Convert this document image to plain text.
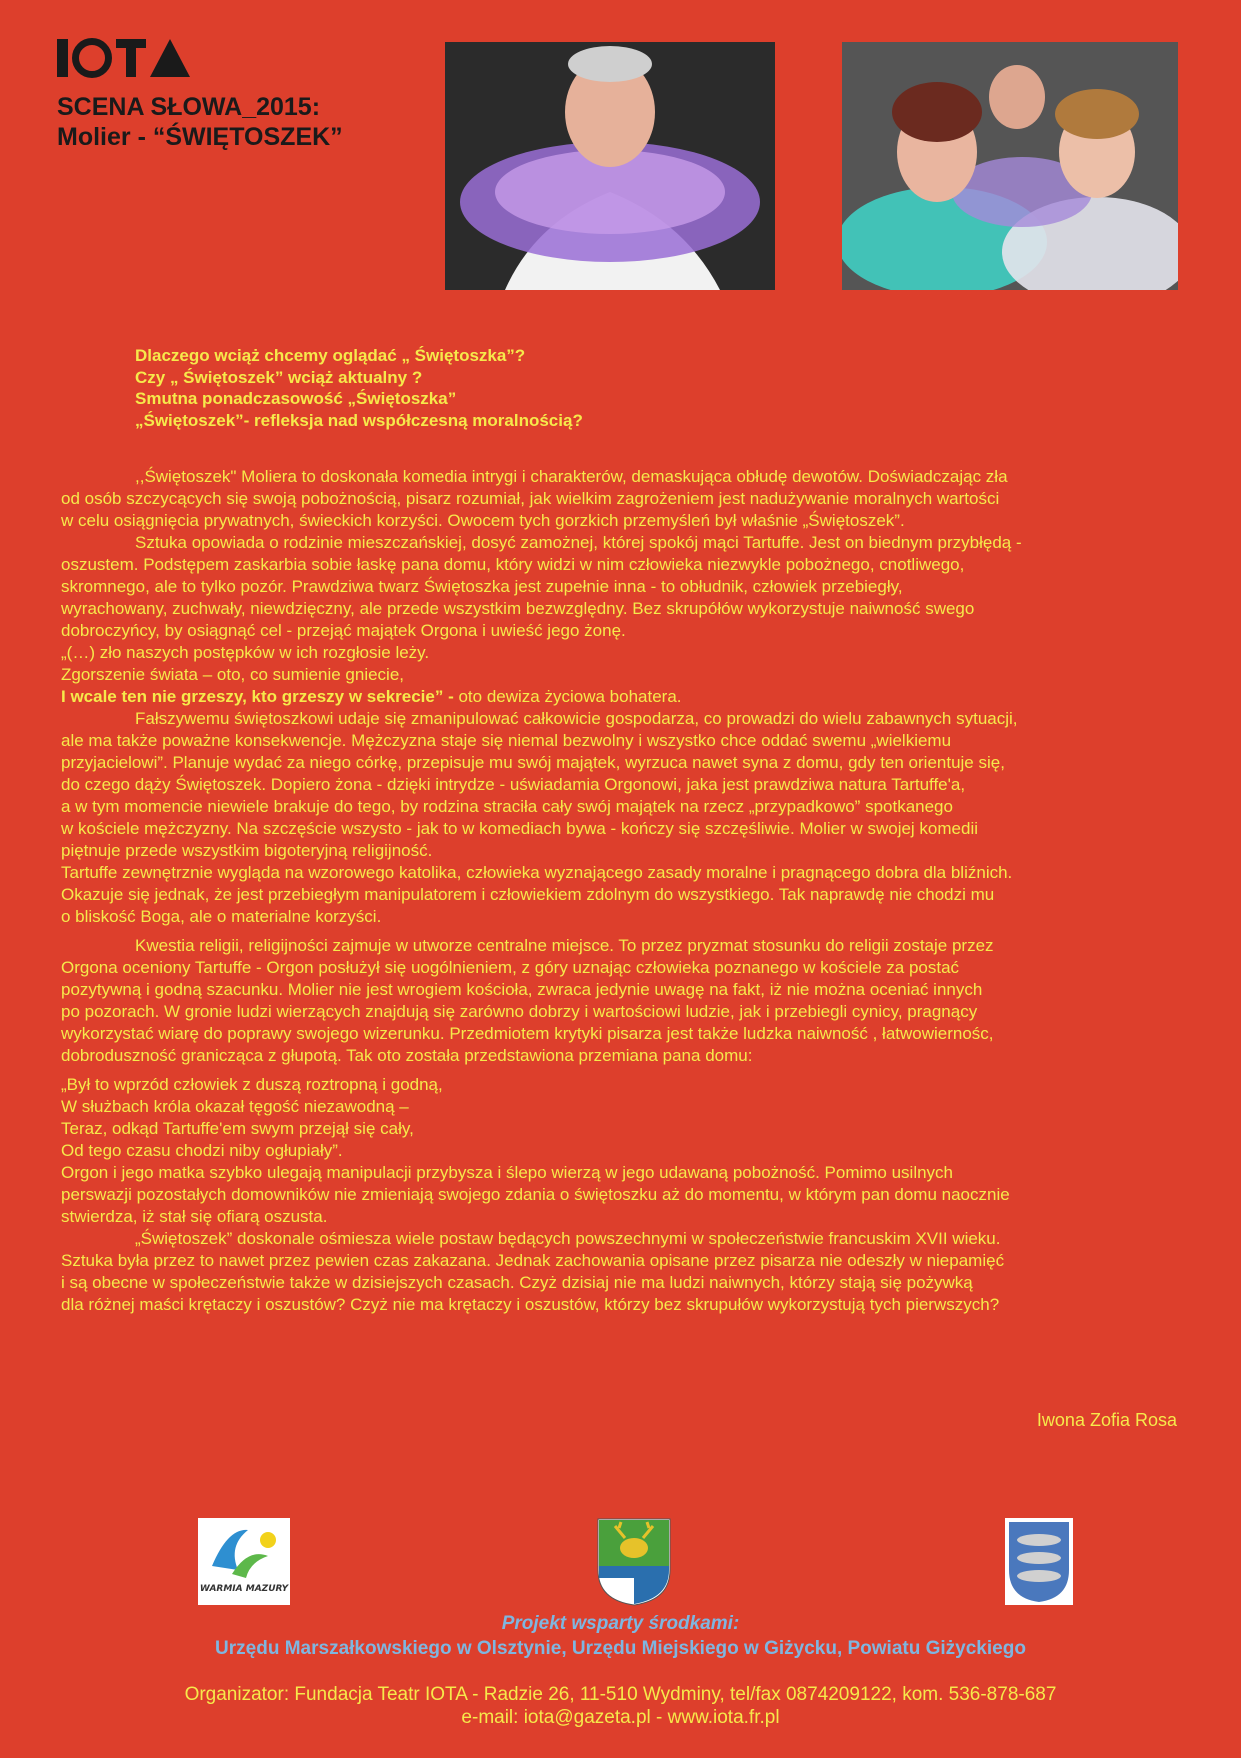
SCENA SŁOWA_2015:
Molier - “ŚWIĘTOSZEK”
Dlaczego wciąż chcemy oglądać „ Świętoszka”?
Czy „ Świętoszek” wciąż aktualny ?
Smutna ponadczasowość „Świętoszka”
„Świętoszek”- refleksja nad współczesną moralnością?
,,Świętoszek" Moliera to doskonała komedia intrygi i charakterów, demaskująca obłudę dewotów. Doświadczając zła
od osób szczycących się swoją pobożnością, pisarz rozumiał, jak wielkim zagrożeniem jest nadużywanie moralnych wartości
w celu osiągnięcia prywatnych, świeckich korzyści. Owocem tych gorzkich przemyśleń był właśnie „Świętoszek”.
Sztuka opowiada o rodzinie mieszczańskiej, dosyć zamożnej, której spokój mąci Tartuffe. Jest on biednym przybłędą -
oszustem. Podstępem zaskarbia sobie łaskę pana domu, który widzi w nim człowieka niezwykle pobożnego, cnotliwego,
skromnego, ale to tylko pozór. Prawdziwa twarz Świętoszka jest zupełnie inna - to obłudnik, człowiek przebiegły,
wyrachowany, zuchwały, niewdzięczny, ale przede wszystkim bezwzględny. Bez skrupółów wykorzystuje naiwność swego
dobroczyńcy, by osiągnąć cel - przejąć majątek Orgona i uwieść jego żonę.
„(…) zło naszych postępków w ich rozgłosie leży.
Zgorszenie świata – oto, co sumienie gniecie,
I wcale ten nie grzeszy, kto grzeszy w sekrecie” - oto dewiza życiowa bohatera.
Fałszywemu świętoszkowi udaje się zmanipulować całkowicie gospodarza, co prowadzi do wielu zabawnych sytuacji,
ale ma także poważne konsekwencje. Mężczyzna staje się niemal bezwolny i wszystko chce oddać swemu „wielkiemu
przyjacielowi”. Planuje wydać za niego córkę, przepisuje mu swój majątek, wyrzuca nawet syna z domu, gdy ten orientuje się,
do czego dąży Świętoszek. Dopiero żona - dzięki intrydze - uświadamia Orgonowi, jaka jest prawdziwa natura Tartuffe'a,
a w tym momencie niewiele brakuje do tego, by rodzina straciła cały swój majątek na rzecz „przypadkowo” spotkanego
w kościele mężczyzny. Na szczęście wszysto - jak to w komediach bywa - kończy się szczęśliwie. Molier w swojej komedii
piętnuje przede wszystkim bigoteryjną religijność.
Tartuffe zewnętrznie wygląda na wzorowego katolika, człowieka wyznającego zasady moralne i pragnącego dobra dla bliźnich.
Okazuje się jednak, że jest przebiegłym manipulatorem i człowiekiem zdolnym do wszystkiego. Tak naprawdę nie chodzi mu
o bliskość Boga, ale o materialne korzyści.
Kwestia religii, religijności zajmuje w utworze centralne miejsce. To przez pryzmat stosunku do religii zostaje przez
Orgona oceniony Tartuffe - Orgon posłużył się uogólnieniem, z góry uznając człowieka poznanego w kościele za postać
pozytywną i godną szacunku. Molier nie jest wrogiem kościoła, zwraca jedynie uwagę na fakt, iż nie można oceniać innych
po pozorach. W gronie ludzi wierzących znajdują się zarówno dobrzy i wartościowi ludzie, jak i przebiegli cynicy, pragnący
wykorzystać wiarę do poprawy swojego wizerunku. Przedmiotem krytyki pisarza jest także ludzka naiwność , łatwowiernośc,
dobroduszność granicząca z głupotą. Tak oto została przedstawiona przemiana pana domu:
„Był to wprzód człowiek z duszą roztropną i godną,
W służbach króla okazał tęgość niezawodną –
Teraz, odkąd Tartuffe'em swym przejął się cały,
Od tego czasu chodzi niby ogłupiały”.
Orgon i jego matka szybko ulegają manipulacji przybysza i ślepo wierzą w jego udawaną pobożność. Pomimo usilnych
perswazji pozostałych domowników nie zmieniają swojego zdania o świętoszku aż do momentu, w którym pan domu naocznie
stwierdza, iż stał się ofiarą oszusta.
„Świętoszek” doskonale ośmiesza wiele postaw będących powszechnymi w społeczeństwie francuskim XVII wieku.
Sztuka była przez to nawet przez pewien czas zakazana. Jednak zachowania opisane przez pisarza nie odeszły w niepamięć
i są obecne w społeczeństwie także w dzisiejszych czasach. Czyż dzisiaj nie ma ludzi naiwnych, którzy stają się pożywką
dla różnej maści krętaczy i oszustów? Czyż nie ma krętaczy i oszustów, którzy bez skrupułów wykorzystują tych pierwszych?
Iwona Zofia Rosa
WARMIA MAZURY
Projekt wsparty środkami:
Urzędu Marszałkowskiego w Olsztynie, Urzędu Miejskiego w Giżycku, Powiatu Giżyckiego
Organizator: Fundacja Teatr IOTA - Radzie 26, 11-510 Wydminy, tel/fax 0874209122, kom. 536-878-687
e-mail: iota@gazeta.pl - www.iota.fr.pl
